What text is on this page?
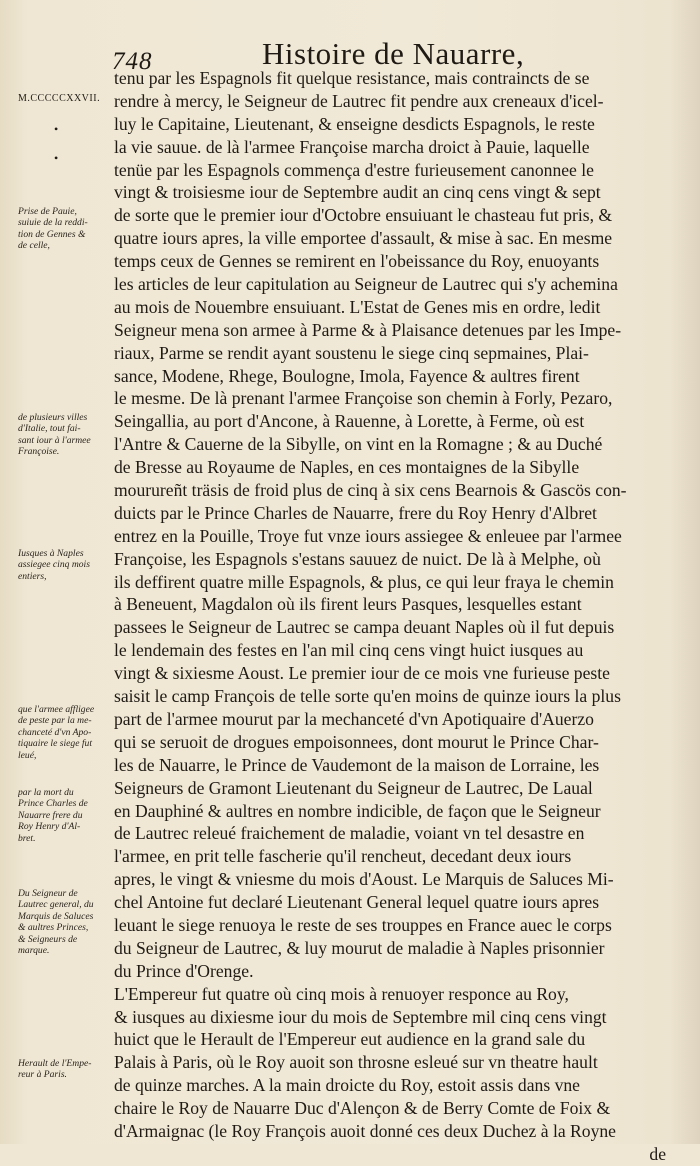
748	Histoire de Nauarre,
M.CCCCCXXVII.
•
•
Prise de Pauie,
suiuie de la reddi-
tion de Gennes &
de celle,
de plusieurs villes
d'Italie, tout fai-
sant iour à l'armee
Françoise.
Iusques à Naples
assiegee cinq mois
entiers,
que l'armee affligee
de peste par la me-
chanceté d'vn Apo-
tiquaire le siege fut
leué,
par la mort du
Prince Charles de
Nauarre frere du
Roy Henry d'Al-
bret.
Du Seigneur de
Lautrec general, du
Marquis de Saluces
& aultres Princes,
& Seigneurs de
marque.
Herault de l'Empe-
reur à Paris.
tenu par les Espagnols fit quelque resistance, mais contraincts de se
rendre à mercy, le Seigneur de Lautrec fit pendre aux creneaux d'icel-
luy le Capitaine, Lieutenant, & enseigne desdicts Espagnols, le reste
la vie sauue. de là l'armee Françoise marcha droict à Pauie, laquelle
tenüe par les Espagnols commença d'estre furieusement canonnee le
vingt & troisiesme iour de Septembre audit an cinq cens vingt & sept
de sorte que le premier iour d'Octobre ensuiuant le chasteau fut pris, &
quatre iours apres, la ville emportee d'assault, & mise à sac. En mesme
temps ceux de Gennes se remirent en l'obeissance du Roy, enuoyants
les articles de leur capitulation au Seigneur de Lautrec qui s'y achemina
au mois de Nouembre ensuiuant. L'Estat de Genes mis en ordre, ledit
Seigneur mena son armee à Parme & à Plaisance detenues par les Impe-
riaux, Parme se rendit ayant soustenu le siege cinq sepmaines, Plai-
sance, Modene, Rhege, Boulogne, Imola, Fayence & aultres firent
le mesme. De là prenant l'armee Françoise son chemin à Forly, Pezaro,
Seingallia, au port d'Ancone, à Rauenne, à Lorette, à Ferme, où est
l'Antre & Cauerne de la Sibylle, on vint en la Romagne ; & au Duché
de Bresse au Royaume de Naples, en ces montaignes de la Sibylle
mourureñt träsis de froid plus de cinq à six cens Bearnois & Gascös con-
duicts par le Prince Charles de Nauarre, frere du Roy Henry d'Albret
entrez en la Pouille, Troye fut vnze iours assiegee & enleuee par l'armee
Françoise, les Espagnols s'estans sauuez de nuict. De là à Melphe, où
ils deffirent quatre mille Espagnols, & plus, ce qui leur fraya le chemin
à Beneuent, Magdalon où ils firent leurs Pasques, lesquelles estant
passees le Seigneur de Lautrec se campa deuant Naples où il fut depuis
le lendemain des festes en l'an mil cinq cens vingt huict iusques au
vingt & sixiesme Aoust. Le premier iour de ce mois vne furieuse peste
saisit le camp François de telle sorte qu'en moins de quinze iours la plus
part de l'armee mourut par la mechanceté d'vn Apotiquaire d'Auerzo
qui se seruoit de drogues empoisonnees, dont mourut le Prince Char-
les de Nauarre, le Prince de Vaudemont de la maison de Lorraine, les
Seigneurs de Gramont Lieutenant du Seigneur de Lautrec, De Laual
en Dauphiné & aultres en nombre indicible, de façon que le Seigneur
de Lautrec releué fraichement de maladie, voiant vn tel desastre en
l'armee, en prit telle fascherie qu'il rencheut, decedant deux iours
apres, le vingt & vniesme du mois d'Aoust. Le Marquis de Saluces Mi-
chel Antoine fut declaré Lieutenant General lequel quatre iours apres
leuant le siege renuoya le reste de ses trouppes en France auec le corps
du Seigneur de Lautrec, & luy mourut de maladie à Naples prisonnier
du Prince d'Orenge.
L'Empereur fut quatre où cinq mois à renuoyer responce au Roy,
& iusques au dixiesme iour du mois de Septembre mil cinq cens vingt
huict que le Herault de l'Empereur eut audience en la grand sale du
Palais à Paris, où le Roy auoit son throsne esleué sur vn theatre hault
de quinze marches. A la main droicte du Roy, estoit assis dans vne
chaire le Roy de Nauarre Duc d'Alençon & de Berry Comte de Foix &
d'Armaignac (le Roy François auoit donné ces deux Duchez à la Royne
de
